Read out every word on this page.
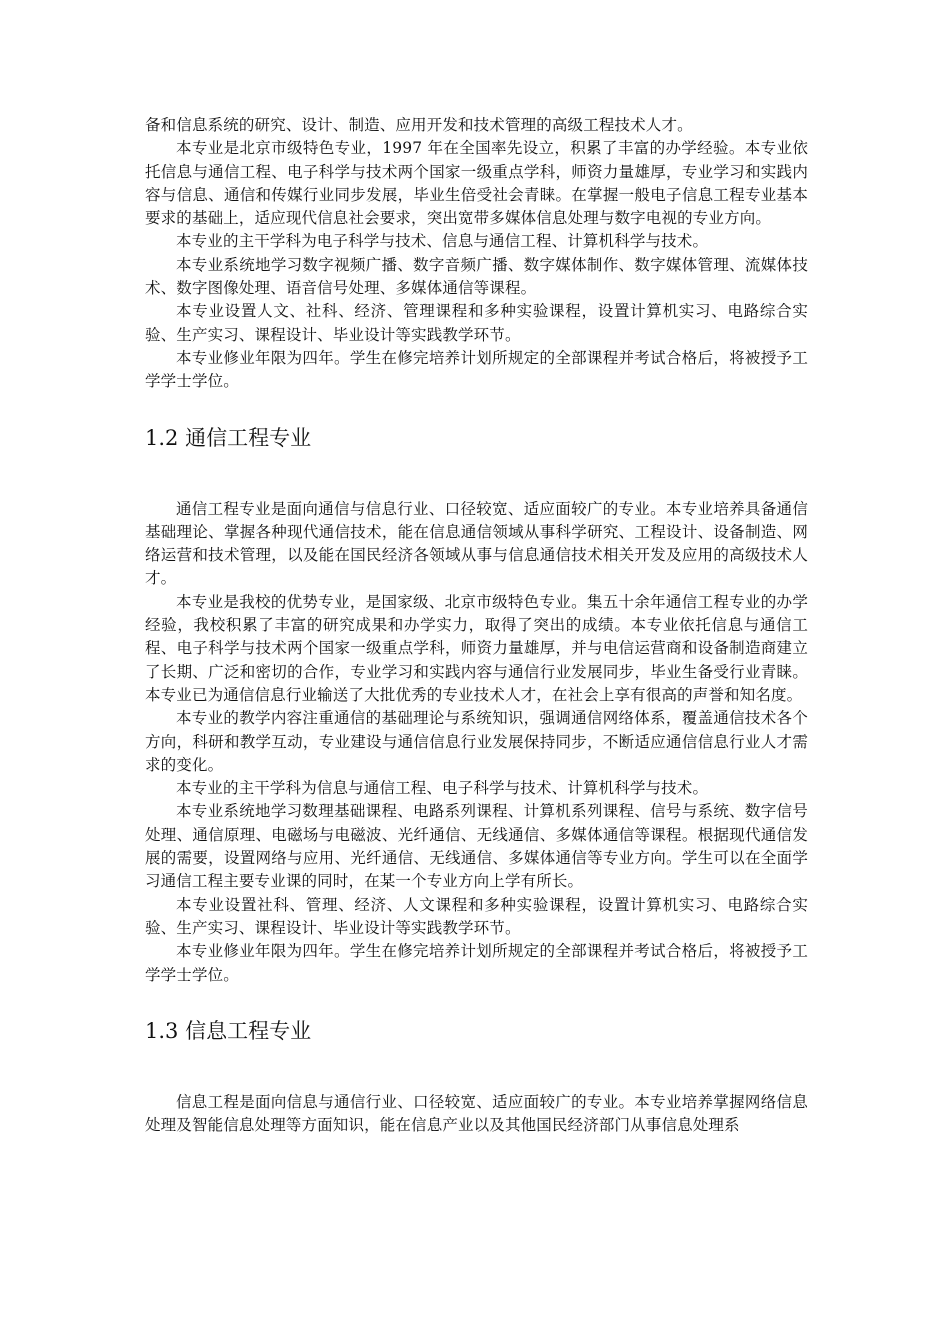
备和信息系统的研究、设计、制造、应用开发和技术管理的高级工程技术人才。

本专业是北京市级特色专业，1997 年在全国率先设立，积累了丰富的办学经验。本专业依托信息与通信工程、电子科学与技术两个国家一级重点学科，师资力量雄厚，专业学习和实践内容与信息、通信和传媒行业同步发展，毕业生倍受社会青睐。在掌握一般电子信息工程专业基本要求的基础上，适应现代信息社会要求，突出宽带多媒体信息处理与数字电视的专业方向。

本专业的主干学科为电子科学与技术、信息与通信工程、计算机科学与技术。

本专业系统地学习数字视频广播、数字音频广播、数字媒体制作、数字媒体管理、流媒体技术、数字图像处理、语音信号处理、多媒体通信等课程。

本专业设置人文、社科、经济、管理课程和多种实验课程，设置计算机实习、电路综合实验、生产实习、课程设计、毕业设计等实践教学环节。

本专业修业年限为四年。学生在修完培养计划所规定的全部课程并考试合格后，将被授予工学学士学位。

1.2 通信工程专业

通信工程专业是面向通信与信息行业、口径较宽、适应面较广的专业。本专业培养具备通信基础理论、掌握各种现代通信技术，能在信息通信领域从事科学研究、工程设计、设备制造、网络运营和技术管理，以及能在国民经济各领域从事与信息通信技术相关开发及应用的高级技术人才。

本专业是我校的优势专业，是国家级、北京市级特色专业。集五十余年通信工程专业的办学经验，我校积累了丰富的研究成果和办学实力，取得了突出的成绩。本专业依托信息与通信工程、电子科学与技术两个国家一级重点学科，师资力量雄厚，并与电信运营商和设备制造商建立了长期、广泛和密切的合作，专业学习和实践内容与通信行业发展同步，毕业生备受行业青睐。本专业已为通信信息行业输送了大批优秀的专业技术人才，在社会上享有很高的声誉和知名度。

本专业的教学内容注重通信的基础理论与系统知识，强调通信网络体系，覆盖通信技术各个方向，科研和教学互动，专业建设与通信信息行业发展保持同步，不断适应通信信息行业人才需求的变化。

本专业的主干学科为信息与通信工程、电子科学与技术、计算机科学与技术。

本专业系统地学习数理基础课程、电路系列课程、计算机系列课程、信号与系统、数字信号处理、通信原理、电磁场与电磁波、光纤通信、无线通信、多媒体通信等课程。根据现代通信发展的需要，设置网络与应用、光纤通信、无线通信、多媒体通信等专业方向。学生可以在全面学习通信工程主要专业课的同时，在某一个专业方向上学有所长。

本专业设置社科、管理、经济、人文课程和多种实验课程，设置计算机实习、电路综合实验、生产实习、课程设计、毕业设计等实践教学环节。

本专业修业年限为四年。学生在修完培养计划所规定的全部课程并考试合格后，将被授予工学学士学位。

1.3 信息工程专业

信息工程是面向信息与通信行业、口径较宽、适应面较广的专业。本专业培养掌握网络信息处理及智能信息处理等方面知识，能在信息产业以及其他国民经济部门从事信息处理系
